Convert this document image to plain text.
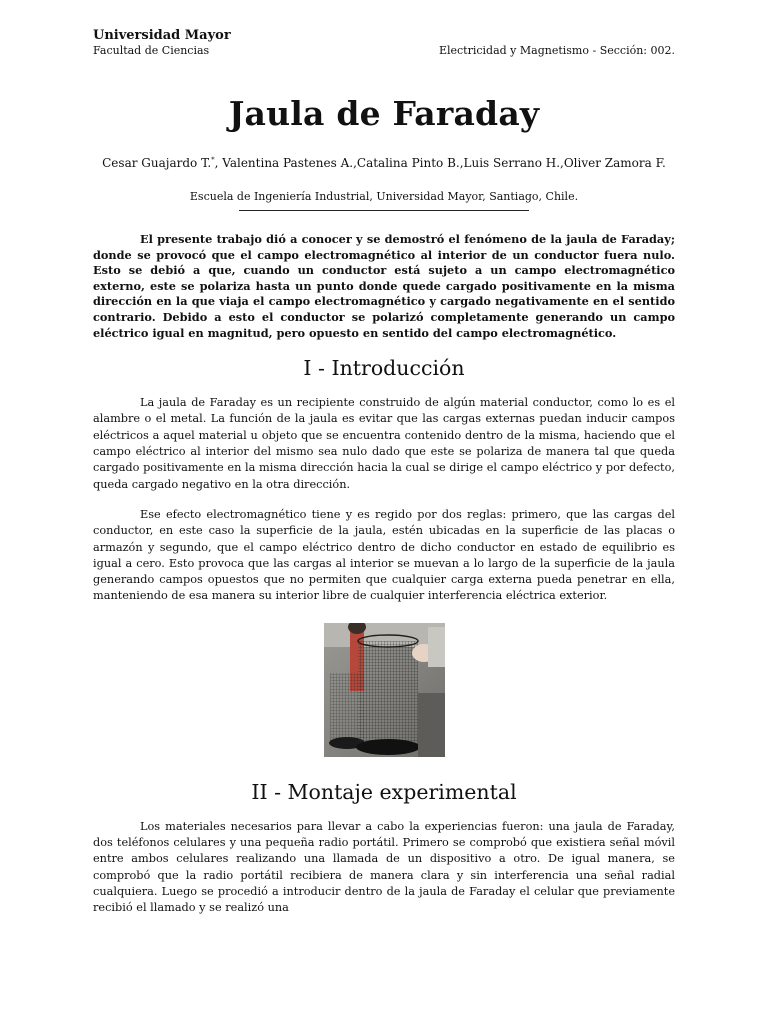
Universidad Mayor
Facultad de Ciencias	Electricidad y Magnetismo - Sección: 002.
Jaula de Faraday
Cesar Guajardo T.*, Valentina Pastenes A.,Catalina Pinto B.,Luis Serrano H.,Oliver Zamora F.
Escuela de Ingeniería Industrial, Universidad Mayor, Santiago, Chile.

El presente trabajo dió a conocer y se demostró el fenómeno de la jaula de Faraday; donde se provocó que el campo electromagnético al interior de un conductor fuera nulo. Esto se debió a que, cuando un conductor está sujeto a un campo electromagnético externo, este se polariza hasta un punto donde quede cargado positivamente en la misma dirección en la que viaja el campo electromagnético y cargado negativamente en el sentido contrario. Debido a esto el conductor se polarizó completamente generando un campo eléctrico igual en magnitud, pero opuesto en sentido del campo electromagnético.

I - Introducción

La jaula de Faraday es un recipiente construido de algún material conductor, como lo es el alambre o el metal. La función de la jaula es evitar que las cargas externas puedan inducir campos eléctricos a aquel material u objeto que se encuentra contenido dentro de la misma, haciendo que el campo eléctrico al interior del mismo sea nulo dado que este se polariza de manera tal que queda cargado positivamente en la misma dirección hacia la cual se dirige el campo eléctrico y por defecto, queda cargado negativo en la otra dirección.

Ese efecto electromagnético tiene y es regido por dos reglas: primero, que las cargas del conductor, en este caso la superficie de la jaula, estén ubicadas en la superficie de las placas o armazón y segundo, que el campo eléctrico dentro de dicho conductor en estado de equilibrio es igual a cero. Esto provoca que las cargas al interior se muevan a lo largo de la superficie de la jaula generando campos opuestos que no permiten que cualquier carga externa pueda penetrar en ella, manteniendo de esa manera su interior libre de cualquier interferencia eléctrica exterior.

II - Montaje experimental

Los materiales necesarios para llevar a cabo la experiencias fueron: una jaula de Faraday, dos teléfonos celulares y una pequeña radio portátil. Primero se comprobó que existiera señal móvil entre ambos celulares realizando una llamada de un dispositivo a otro. De igual manera, se comprobó que la radio portátil recibiera de manera clara y sin interferencia una señal radial cualquiera. Luego se procedió a introducir dentro de la jaula de Faraday el celular que previamente recibió el llamado y se realizó una
